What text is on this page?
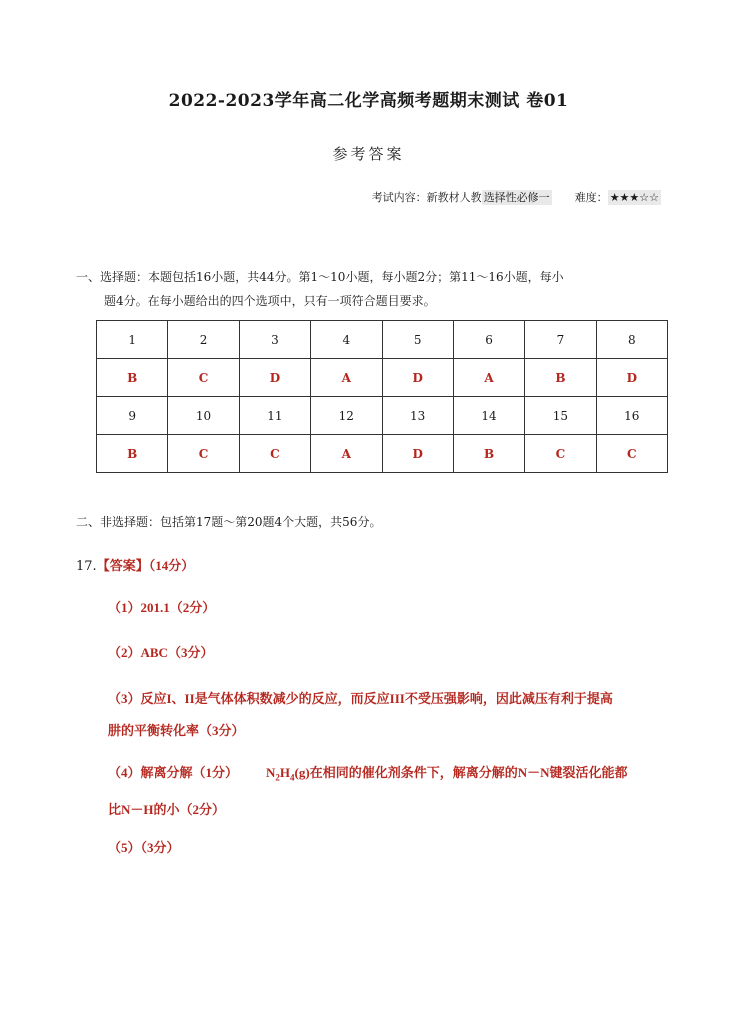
2022-2023学年高二化学高频考题期末测试 卷01
参考答案
考试内容：新教材人教 选择性必修一 难度： ★★★☆☆
一、选择题：本题包括16小题，共44分。第1～10小题，每小题2分；第11～16小题，每小
题4分。在每小题给出的四个选项中，只有一项符合题目要求。
1	2	3	4	5	6	7	8
B	C	D	A	D	A	B	D
9	10	11	12	13	14	15	16
B	C	C	A	D	B	C	C
二、非选择题：包括第17题～第20题4个大题，共56分。
17.【答案】（14分）
（1）201.1（2分）
（2）ABC（3分）
（3）反应I、II是气体体积数减少的反应，而反应III不受压强影响，因此减压有利于提高
肼的平衡转化率（3分）
（4）解离分解（1分） $N_2H_4(g)$在相同的催化剂条件下，解离分解的N－N键裂活化能都
比N－H的小（2分）
（5）（3分）
